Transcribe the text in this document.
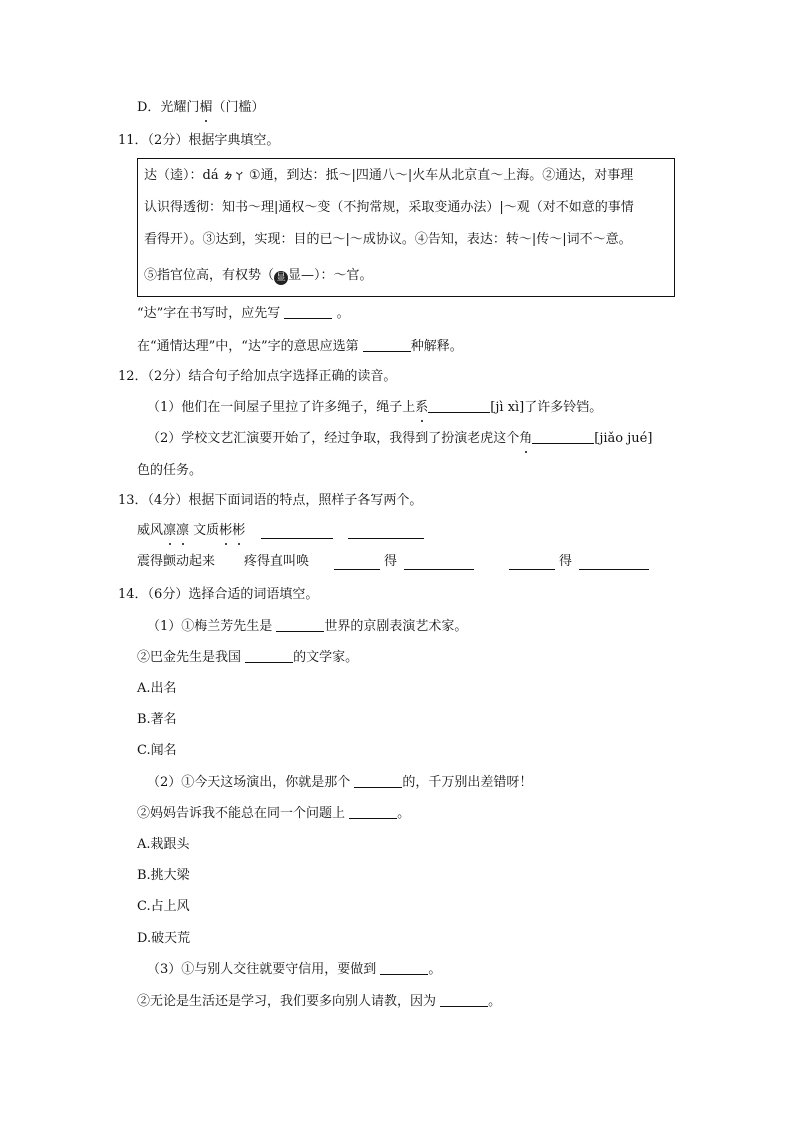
D．光耀门楣（门槛）
11．（2分）根据字典填空。
达（逵）：dá ㄉㄚ ①通，到达：抵～|四通八～|火车从北京直～上海。②通达，对事理
认识得透彻：知书～理|通权～变（不拘常规，采取变通办法）|～观（对不如意的事情
看得开）。③达到，实现：目的已～|～成协议。④告知，表达：转～|传～|词不～意。
⑤指官位高，有权势（ 显 显—）：～官。
“达”字在书写时，应先写	。
在“通情达理”中，“达”字的意思应选第	种解释。
12．（2分）结合句子给加点字选择正确的读音。
（1）他们在一间屋子里拉了许多绳子，绳子上系	[jì xì]了许多铃铛。
（2）学校文艺汇演要开始了，经过争取，我得到了扮演老虎这个角	[jiǎo jué]
色的任务。
13．（4分）根据下面词语的特点，照样子各写两个。
威风凛凛 文质彬彬
震得颤动起来 疼得直叫唤	得	得
14．（6分）选择合适的词语填空。
（1）①梅兰芳先生是	世界的京剧表演艺术家。
②巴金先生是我国	的文学家。
A.出名
B.著名
C.闻名
（2）①今天这场演出，你就是那个	的，千万别出差错呀！
②妈妈告诉我不能总在同一个问题上	。
A.栽跟头
B.挑大梁
C.占上风
D.破天荒
（3）①与别人交往就要守信用，要做到	。
②无论是生活还是学习，我们要多向别人请教，因为	。
